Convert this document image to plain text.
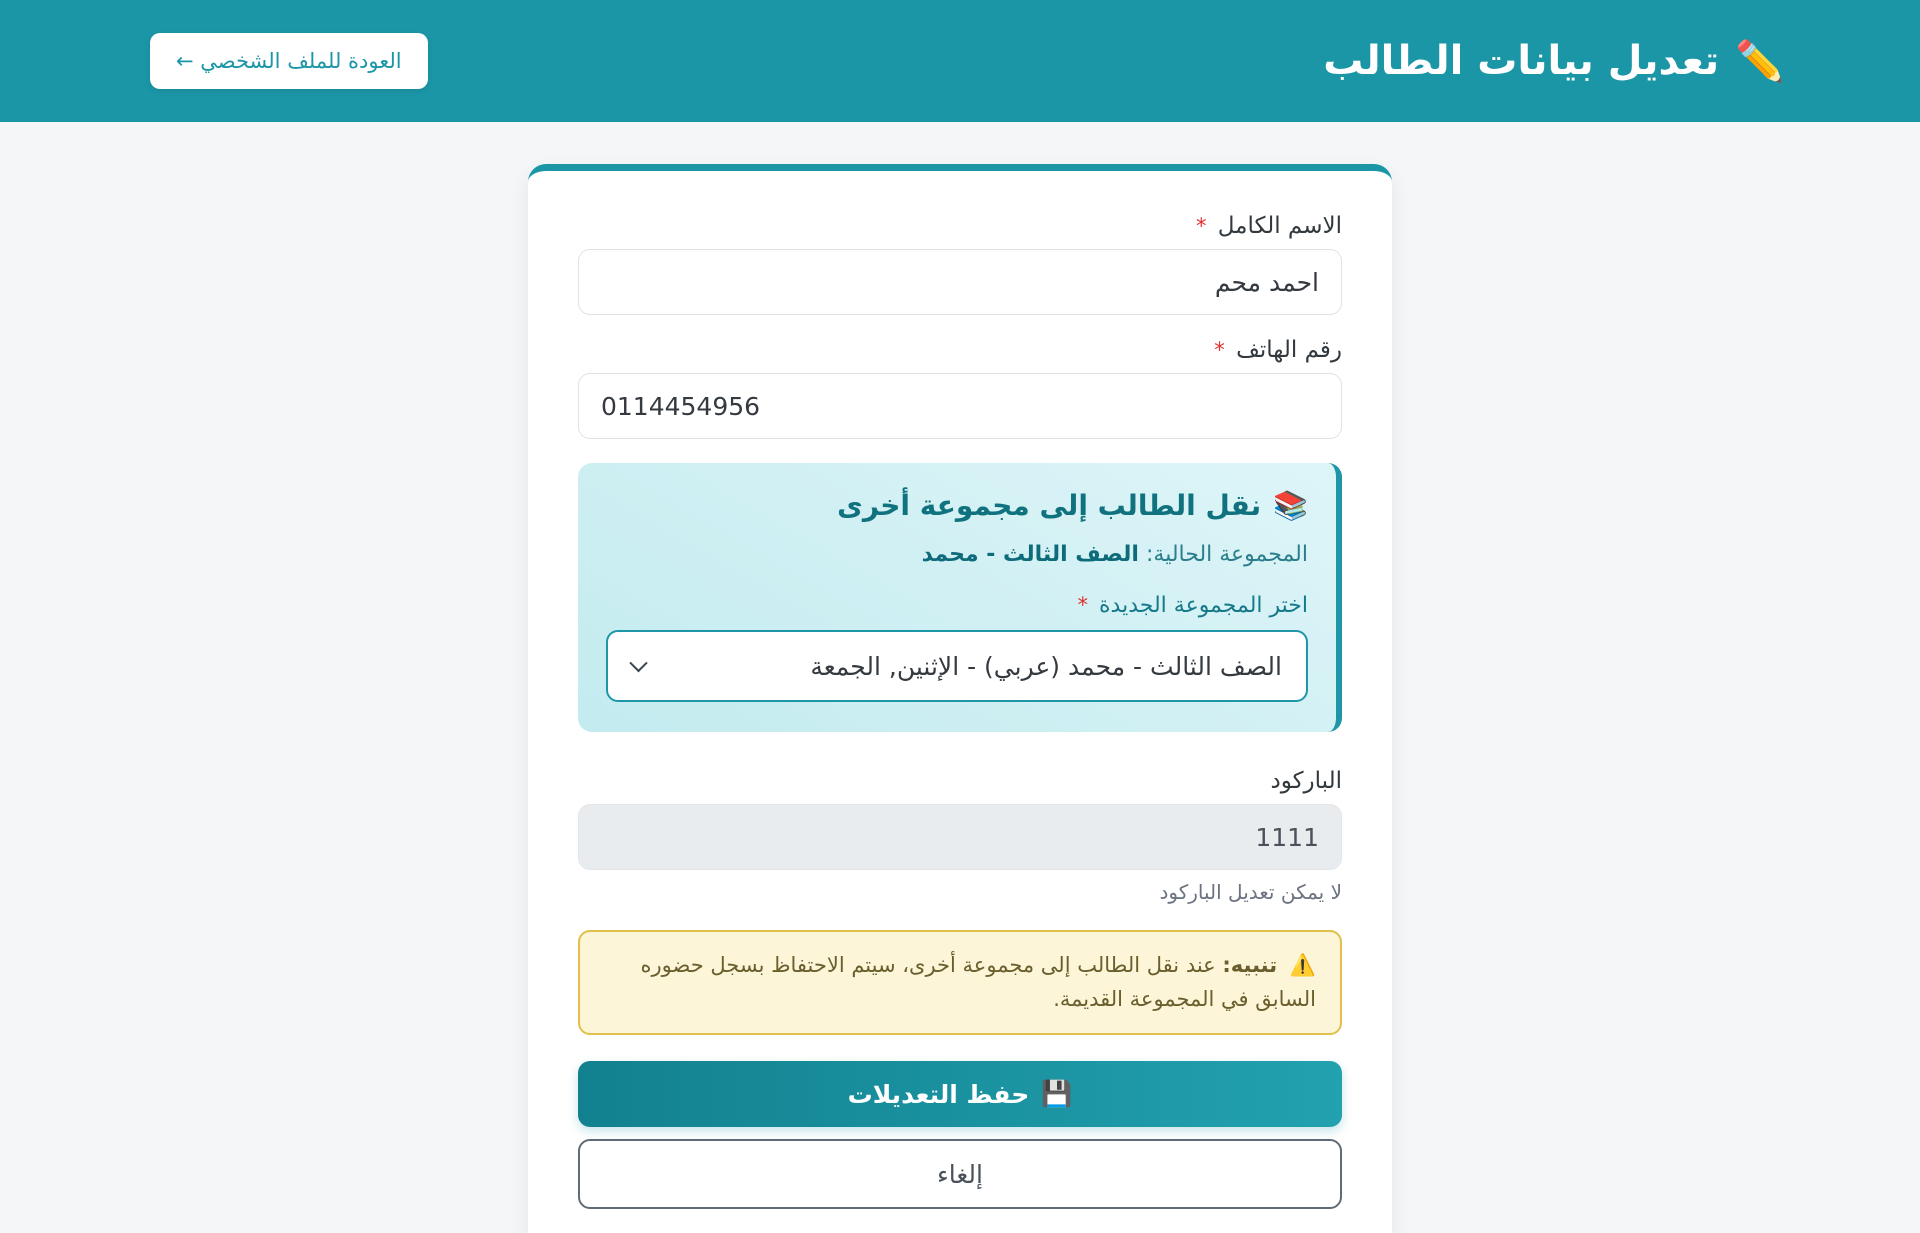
✏️
تعديل بيانات الطالب
← العودة للملف الشخصي
الاسم الكامل *
احمد محم
رقم الهاتف *
0114454956
📚
نقل الطالب إلى مجموعة أخرى

المجموعة الحالية: الصف الثالث - محمد

اختر المجموعة الجديدة *
الصف الثالث - محمد (عربي) - الإثنين, الجمعة
الباركود
1111
لا يمكن تعديل الباركود
⚠️ تنبيه: عند نقل الطالب إلى مجموعة أخرى، سيتم الاحتفاظ بسجل حضوره السابق في المجموعة القديمة.
💾
حفظ التعديلات
إلغاء
